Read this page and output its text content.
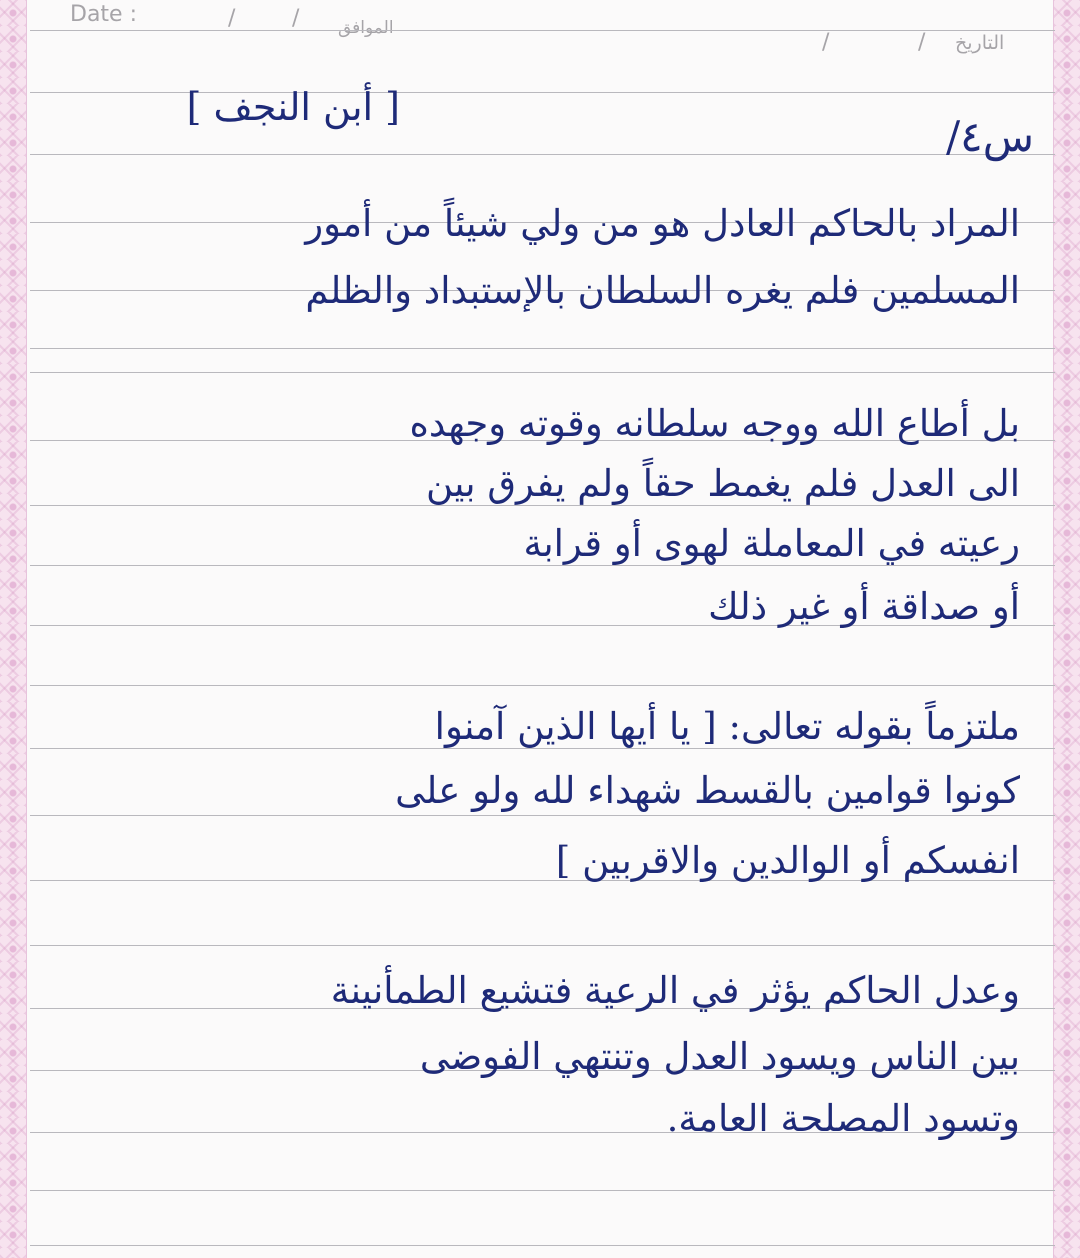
Date :	/	/ الموافق
/	/ التاريخ
[ أبن النجف ]
س٤/
المراد بالحاكم العادل هو من ولي شيئاً من أمور
المسلمين فلم يغره السلطان بالإستبداد والظلم
بل أطاع الله ووجه سلطانه وقوته وجهده
الى العدل فلم يغمط حقاً ولم يفرق بين
رعيته في المعاملة لهوى أو قرابة
أو صداقة أو غير ذلك
ملتزماً بقوله تعالى: [ يا أيها الذين آمنوا
كونوا قوامين بالقسط شهداء لله ولو على
انفسكم أو الوالدين والاقربين ]
وعدل الحاكم يؤثر في الرعية فتشيع الطمأنينة
بين الناس ويسود العدل وتنتهي الفوضى
وتسود المصلحة العامة.
